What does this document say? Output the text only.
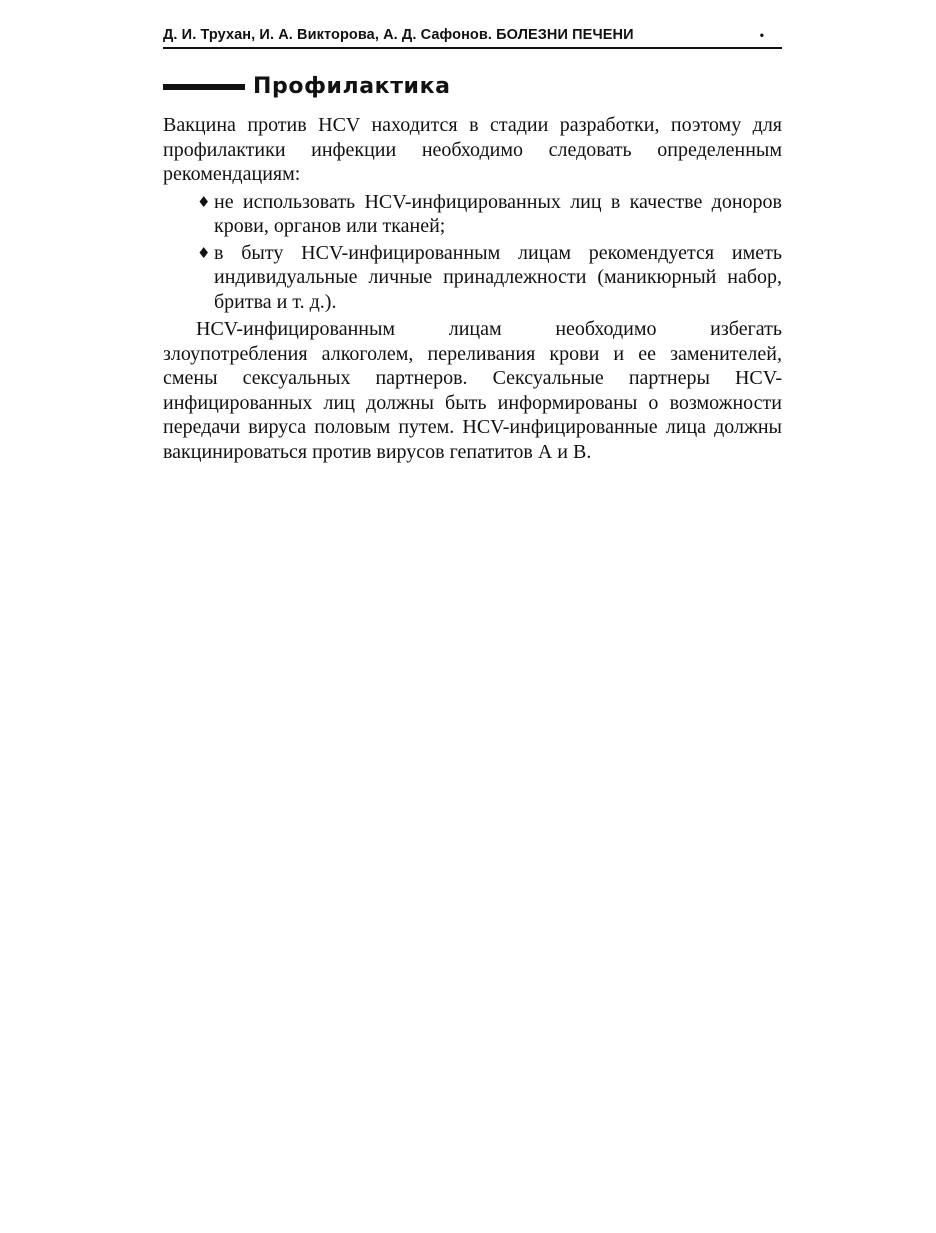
Д. И. Трухан, И. А. Викторова, А. Д. Сафонов. БОЛЕЗНИ ПЕЧЕНИ	•
Профилактика

Вакцина против HCV находится в стадии разработки, поэтому для профилактики инфекции необходимо следовать определенным рекомендациям:

♦ не использовать HCV-инфицированных лиц в качестве доноров крови, органов или тканей;
♦ в быту HCV-инфицированным лицам рекомендуется иметь индивидуальные личные принадлежности (маникюрный набор, бритва и т. д.).

HCV-инфицированным лицам необходимо избегать злоупотребления алкоголем, переливания крови и ее заменителей, смены сексуальных партнеров. Сексуальные партнеры HCV-инфицированных лиц должны быть информированы о возможности передачи вируса половым путем. HCV-инфицированные лица должны вакцинироваться против вирусов гепатитов А и В.
